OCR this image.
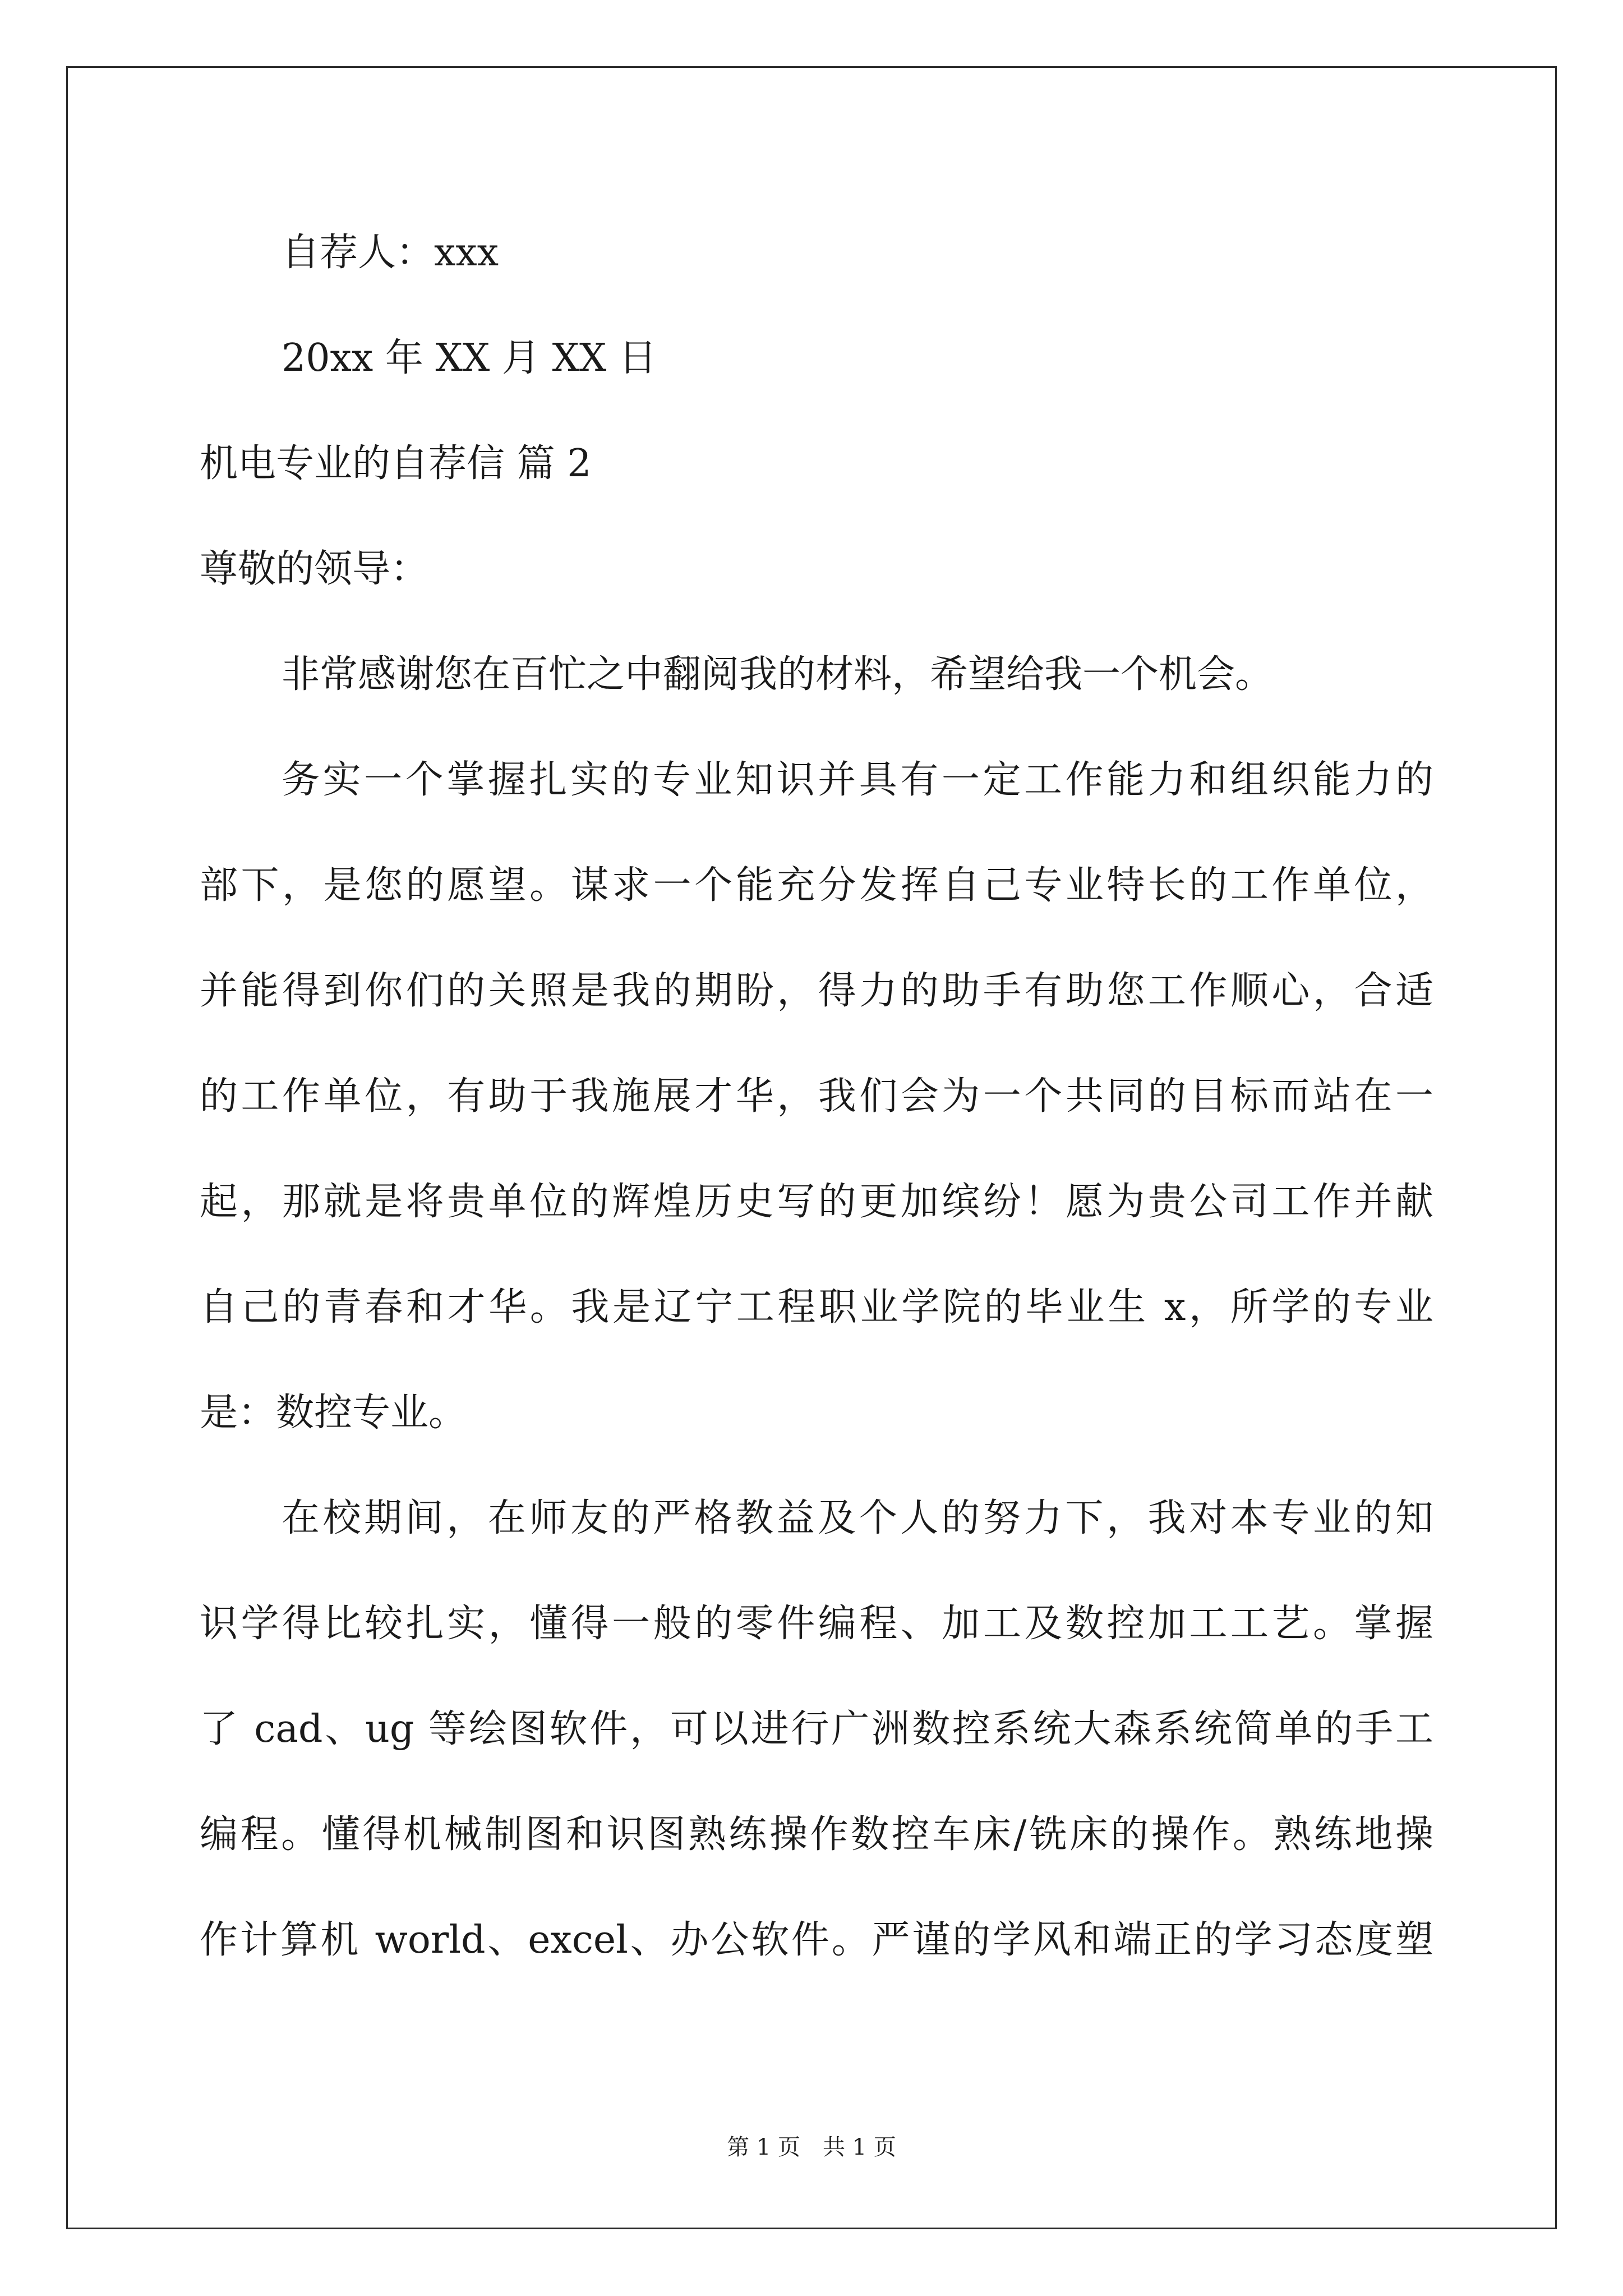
自荐人：xxx
20xx 年 XX 月 XX 日
机电专业的自荐信 篇 2
尊敬的领导：
非常感谢您在百忙之中翻阅我的材料，希望给我一个机会。
务实一个掌握扎实的专业知识并具有一定工作能力和组织能力的
部下，是您的愿望。谋求一个能充分发挥自己专业特长的工作单位，
并能得到你们的关照是我的期盼，得力的助手有助您工作顺心，合适
的工作单位，有助于我施展才华，我们会为一个共同的目标而站在一
起，那就是将贵单位的辉煌历史写的更加缤纷！愿为贵公司工作并献
自己的青春和才华。我是辽宁工程职业学院的毕业生 x，所学的专业
是：数控专业。
在校期间，在师友的严格教益及个人的努力下，我对本专业的知
识学得比较扎实，懂得一般的零件编程、加工及数控加工工艺。掌握
了 cad、ug 等绘图软件，可以进行广洲数控系统大森系统简单的手工
编程。懂得机械制图和识图熟练操作数控车床/铣床的操作。熟练地操
作计算机 world、excel、办公软件。严谨的学风和端正的学习态度塑
第 1 页　共 1 页
